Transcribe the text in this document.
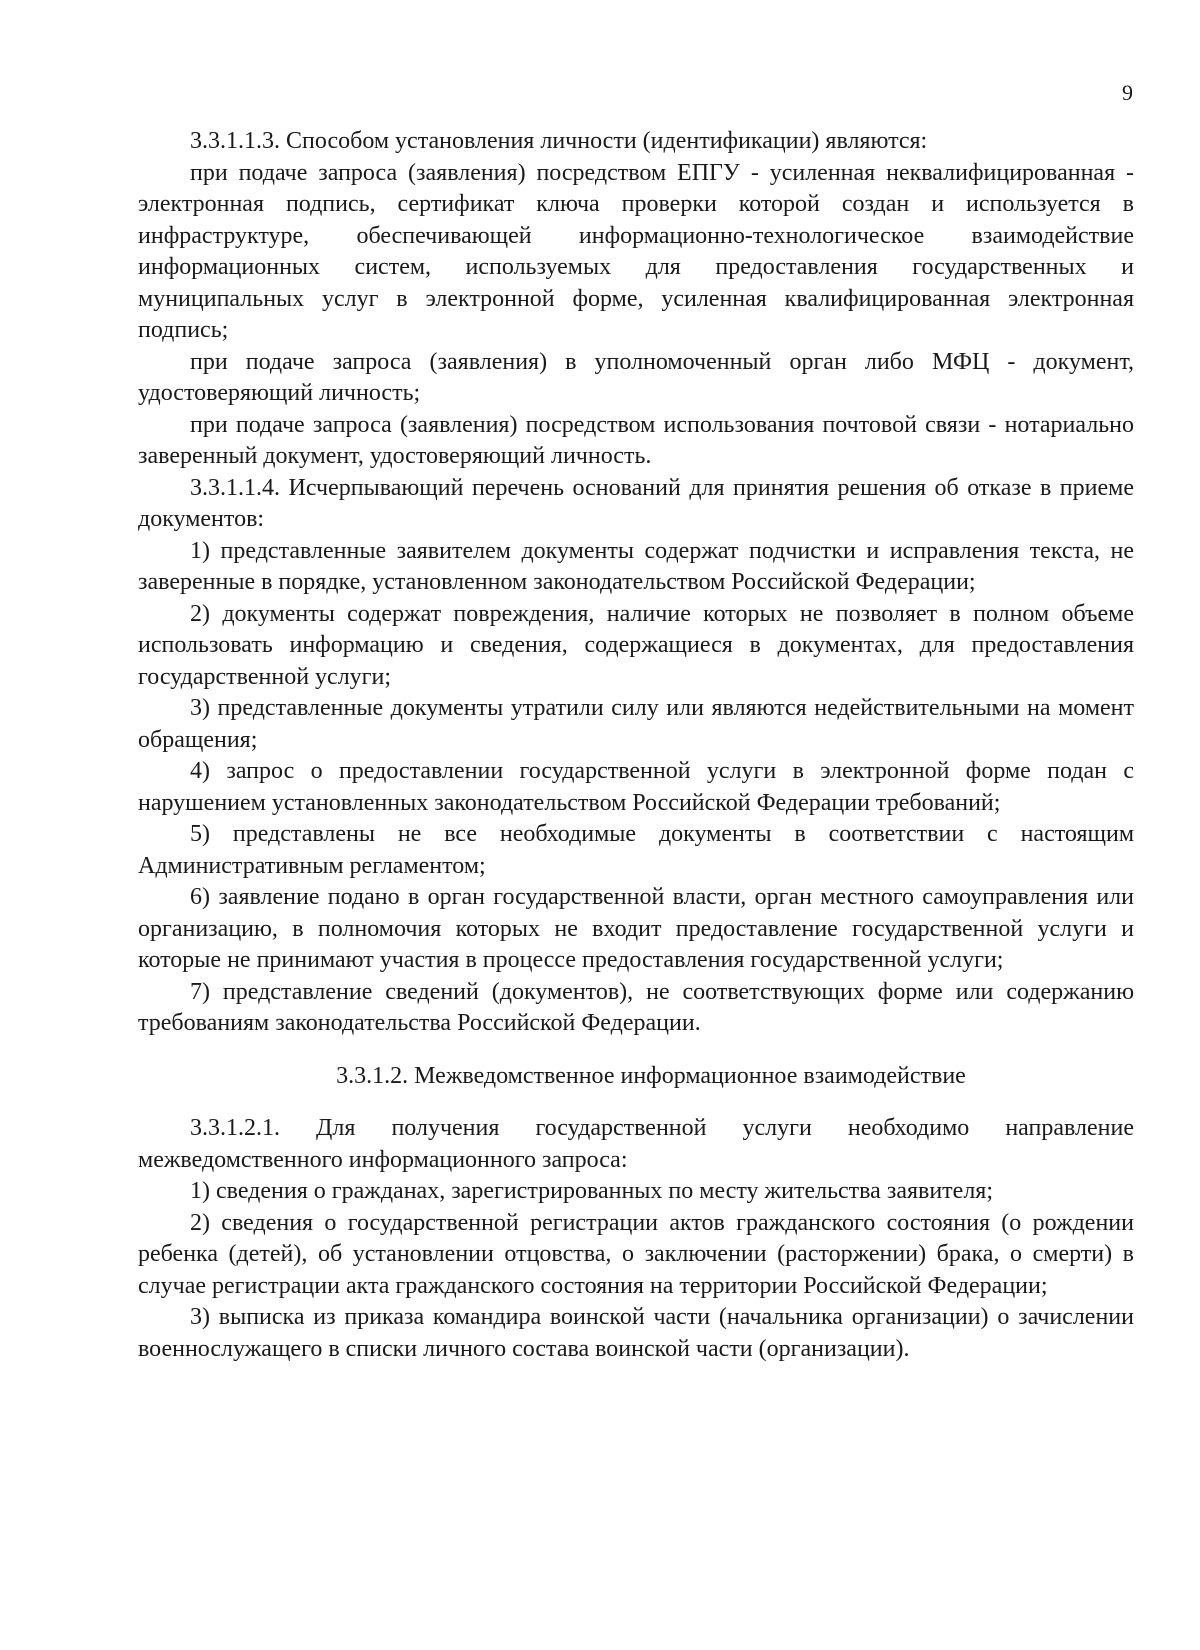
9

3.3.1.1.3. Способом установления личности (идентификации) являются:

при подаче запроса (заявления) посредством ЕПГУ - усиленная неквалифицированная - электронная подпись, сертификат ключа проверки которой создан и используется в инфраструктуре, обеспечивающей информационно-технологическое взаимодействие информационных систем, используемых для предоставления государственных и муниципальных услуг в электронной форме, усиленная квалифицированная электронная подпись;

при подаче запроса (заявления) в уполномоченный орган либо МФЦ - документ, удостоверяющий личность;

при подаче запроса (заявления) посредством использования почтовой связи - нотариально заверенный документ, удостоверяющий личность.

3.3.1.1.4. Исчерпывающий перечень оснований для принятия решения об отказе в приеме документов:

1) представленные заявителем документы содержат подчистки и исправления текста, не заверенные в порядке, установленном законодательством Российской Федерации;

2) документы содержат повреждения, наличие которых не позволяет в полном объеме использовать информацию и сведения, содержащиеся в документах, для предоставления государственной услуги;

3) представленные документы утратили силу или являются недействительными на момент обращения;

4) запрос о предоставлении государственной услуги в электронной форме подан с нарушением установленных законодательством Российской Федерации требований;

5) представлены не все необходимые документы в соответствии с настоящим Административным регламентом;

6) заявление подано в орган государственной власти, орган местного самоуправления или организацию, в полномочия которых не входит предоставление государственной услуги и которые не принимают участия в процессе предоставления государственной услуги;

7) представление сведений (документов), не соответствующих форме или содержанию требованиям законодательства Российской Федерации.

3.3.1.2. Межведомственное информационное взаимодействие

3.3.1.2.1. Для получения государственной услуги необходимо направление межведомственного информационного запроса:

1) сведения о гражданах, зарегистрированных по месту жительства заявителя;

2) сведения о государственной регистрации актов гражданского состояния (о рождении ребенка (детей), об установлении отцовства, о заключении (расторжении) брака, о смерти) в случае регистрации акта гражданского состояния на территории Российской Федерации;

3) выписка из приказа командира воинской части (начальника организации) о зачислении военнослужащего в списки личного состава воинской части (организации).
